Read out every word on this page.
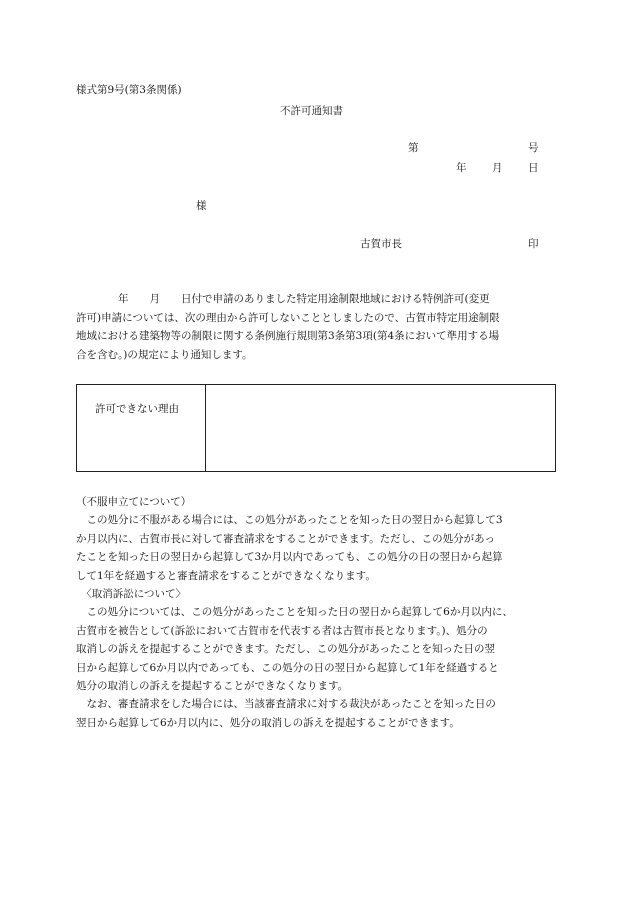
様式第9号(第3条関係)
不許可通知書
第	号
年 月 日
様
古賀市長	印
　　　　年　　月　　日付で申請のありました特定用途制限地域における特例許可(変更
許可)申請については、次の理由から許可しないこととしましたので、古賀市特定用途制限
地域における建築物等の制限に関する条例施行規則第3条第3項(第4条において準用する場
合を含む。)の規定により通知します。
許可できない理由
（不服申立てについて）
　この処分に不服がある場合には、この処分があったことを知った日の翌日から起算して3
か月以内に、古賀市長に対して審査請求をすることができます。ただし、この処分があっ
たことを知った日の翌日から起算して3か月以内であっても、この処分の日の翌日から起算
して1年を経過すると審査請求をすることができなくなります。
　〈取消訴訟について〉
　この処分については、この処分があったことを知った日の翌日から起算して6か月以内に、
古賀市を被告として(訴訟において古賀市を代表する者は古賀市長となります。)、処分の
取消しの訴えを提起することができます。ただし、この処分があったことを知った日の翌
日から起算して6か月以内であっても、この処分の日の翌日から起算して1年を経過すると
処分の取消しの訴えを提起することができなくなります。
　なお、審査請求をした場合には、当該審査請求に対する裁決があったことを知った日の
翌日から起算して6か月以内に、処分の取消しの訴えを提起することができます。
